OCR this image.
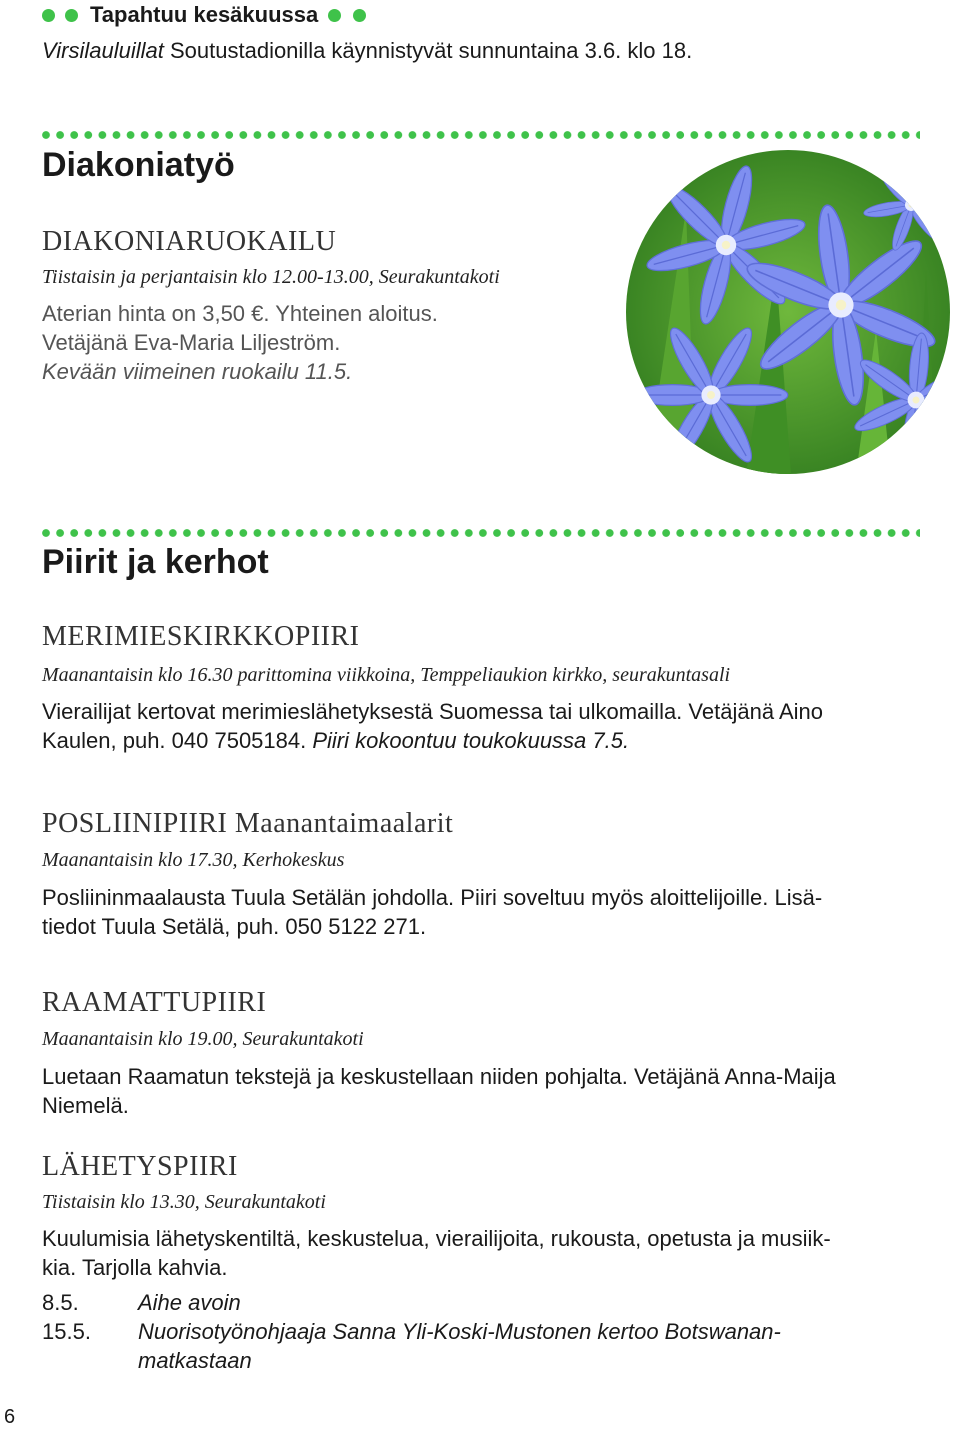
Tapahtuu kesäkuussa
Virsilauluillat Soutustadionilla käynnistyvät sunnuntaina 3.6. klo 18.
Diakoniatyö
DIAKONIARUOKAILU
Tiistaisin ja perjantaisin klo 12.00-13.00, Seurakuntakoti
Aterian hinta on 3,50 €. Yhteinen aloitus.
Vetäjänä Eva-Maria Liljeström.
Kevään viimeinen ruokailu 11.5.
Piirit ja kerhot
MERIMIESKIRKKOPIIRI
Maanantaisin klo 16.30 parittomina viikkoina, Temppeliaukion kirkko, seurakuntasali
Vierailijat kertovat merimieslähetyksestä Suomessa tai ulkomailla. Vetäjänä Aino
Kaulen, puh. 040 7505184. Piiri kokoontuu toukokuussa 7.5.
POSLIINIPIIRI Maanantaimaalarit
Maanantaisin klo 17.30, Kerhokeskus
Posliininmaalausta Tuula Setälän johdolla. Piiri soveltuu myös aloittelijoille. Lisä-
tiedot Tuula Setälä, puh. 050 5122 271.
RAAMATTUPIIRI
Maanantaisin klo 19.00, Seurakuntakoti
Luetaan Raamatun tekstejä ja keskustellaan niiden pohjalta. Vetäjänä Anna-Maija
Niemelä.
LÄHETYSPIIRI
Tiistaisin klo 13.30, Seurakuntakoti
Kuulumisia lähetyskentiltä, keskustelua, vierailijoita, rukousta, opetusta ja musiik-
kia. Tarjolla kahvia.
8.5.	Aihe avoin
15.5. Nuorisotyönohjaaja Sanna Yli-Koski-Mustonen kertoo Botswanan-
matkastaan
6
